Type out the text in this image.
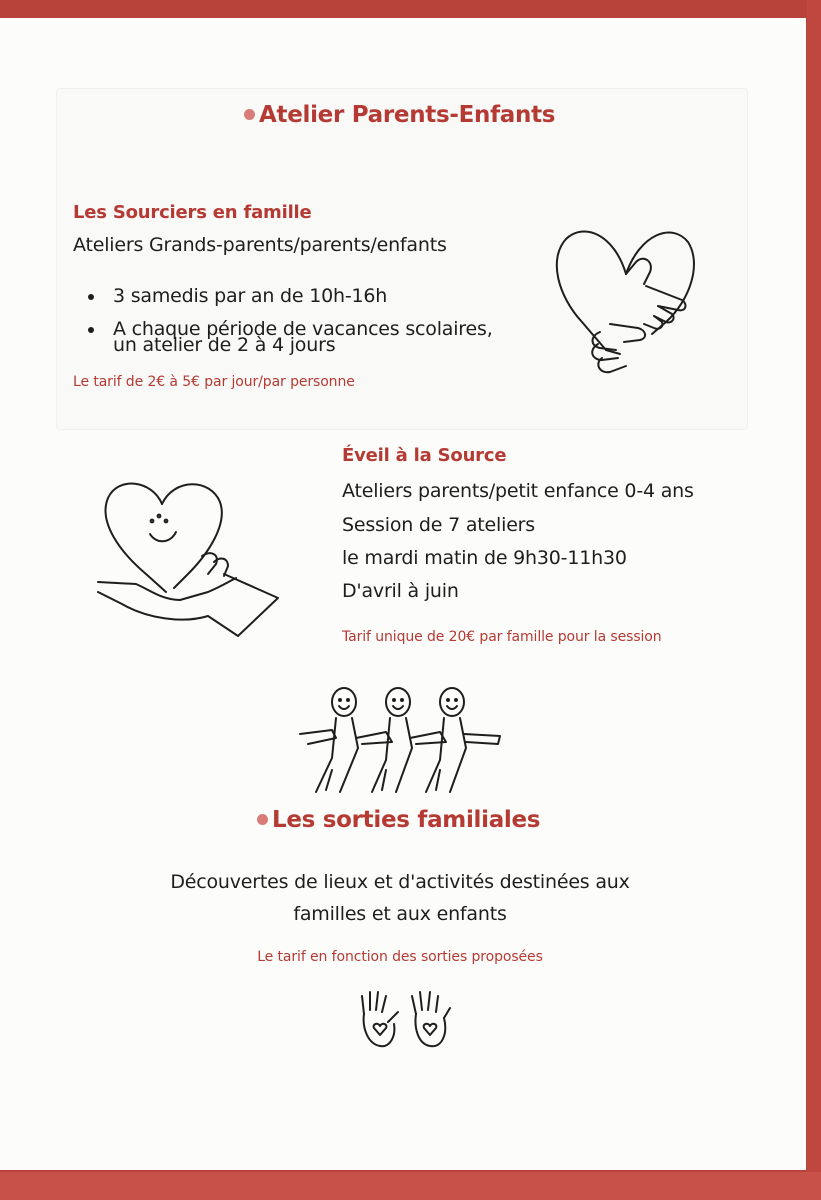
Atelier Parents-Enfants
Les Sourciers en famille
Ateliers Grands-parents/parents/enfants
3 samedis par an de 10h-16h
A chaque période de vacances scolaires,
un atelier de 2 à 4 jours
Le tarif de 2€ à 5€ par jour/par personne
Éveil à la Source
Ateliers parents/petit enfance 0-4 ans
Session de 7 ateliers
le mardi matin de 9h30-11h30
D'avril à juin
Tarif unique de 20€ par famille pour la session
Les sorties familiales
Découvertes de lieux et d'activités destinées aux
familles et aux enfants
Le tarif en fonction des sorties proposées
